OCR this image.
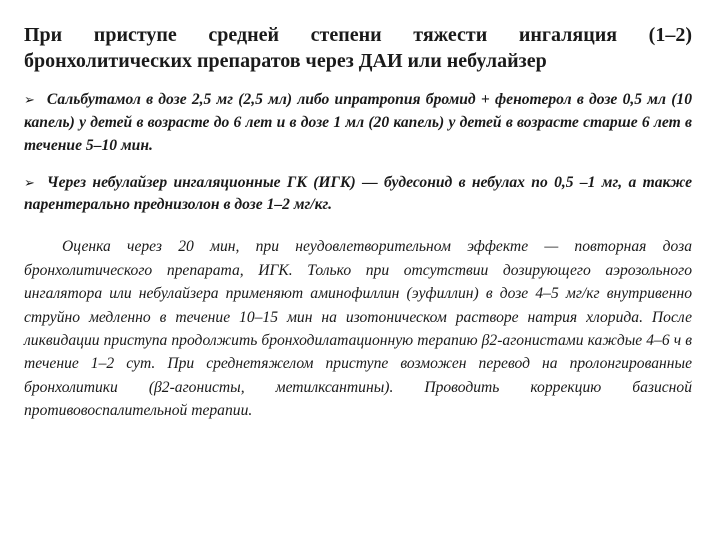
При приступе средней степени тяжести ингаляция (1–2) бронхолитических препаратов через ДАИ или небулайзер

➢ Сальбутамол в дозе 2,5 мг (2,5 мл) либо ипратропия бромид + фенотерол в дозе 0,5 мл (10 капель) у детей в возрасте до 6 лет и в дозе 1 мл (20 капель) у детей в возрасте старше 6 лет в течение 5–10 мин.

➢ Через небулайзер ингаляционные ГК (ИГК) — будесонид в небулах по 0,5 –1 мг, а также парентерально преднизолон в дозе 1–2 мг/кг.

Оценка через 20 мин, при неудовлетворительном эффекте — повторная доза бронхолитического препарата, ИГК. Только при отсутствии дозирующего аэрозольного ингалятора или небулайзера применяют аминофиллин (эуфиллин) в дозе 4–5 мг/кг внутривенно струйно медленно в течение 10–15 мин на изотоническом растворе натрия хлорида. После ликвидации приступа продолжить бронходилатационную терапию β2-агонистами каждые 4–6 ч в течение 1–2 сут. При среднетяжелом приступе возможен перевод на пролонгированные бронхолитики (β2-агонисты, метилксантины). Проводить коррекцию базисной противовоспалительной терапии.
